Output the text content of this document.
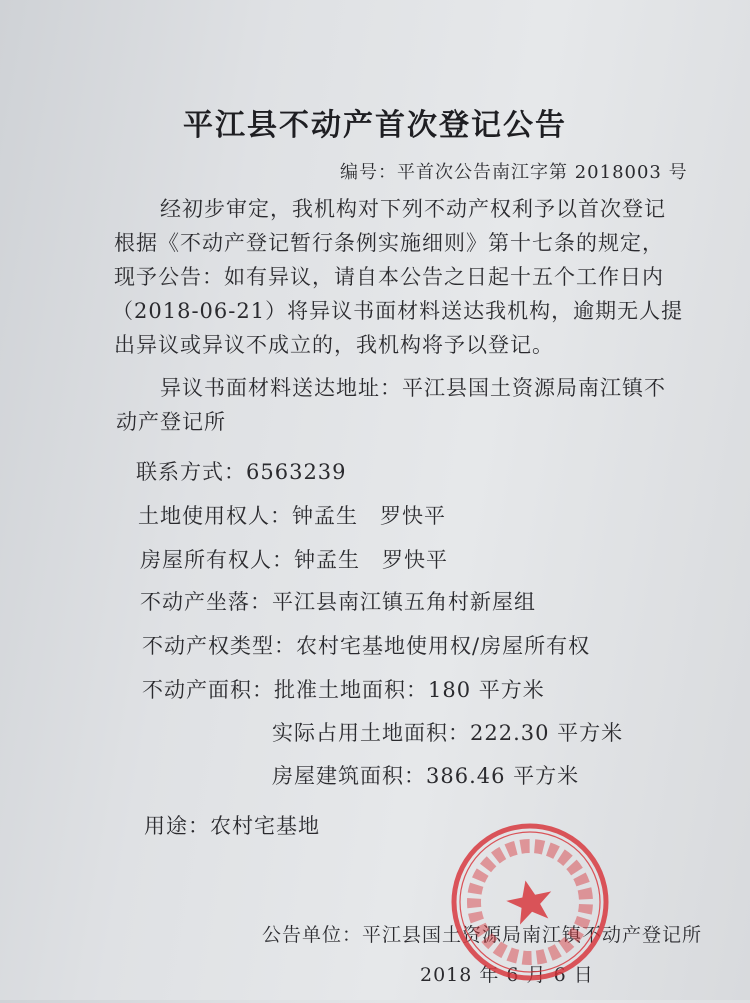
平江县不动产首次登记公告
编号：平首次公告南江字第 2018003 号
经初步审定，我机构对下列不动产权利予以首次登记
根据《不动产登记暂行条例实施细则》第十七条的规定，
现予公告：如有异议，请自本公告之日起十五个工作日内
（2018-06-21）将异议书面材料送达我机构，逾期无人提
出异议或异议不成立的，我机构将予以登记。
异议书面材料送达地址：平江县国土资源局南江镇不
动产登记所
联系方式：6563239
土地使用权人：钟孟生　罗快平
房屋所有权人：钟孟生　罗快平
不动产坐落：平江县南江镇五角村新屋组
不动产权类型：农村宅基地使用权/房屋所有权
不动产面积：批准土地面积：180 平方米
实际占用土地面积：222.30 平方米
房屋建筑面积：386.46 平方米
用途：农村宅基地
公告单位：平江县国土资源局南江镇不动产登记所
2018 年 6 月 6 日
